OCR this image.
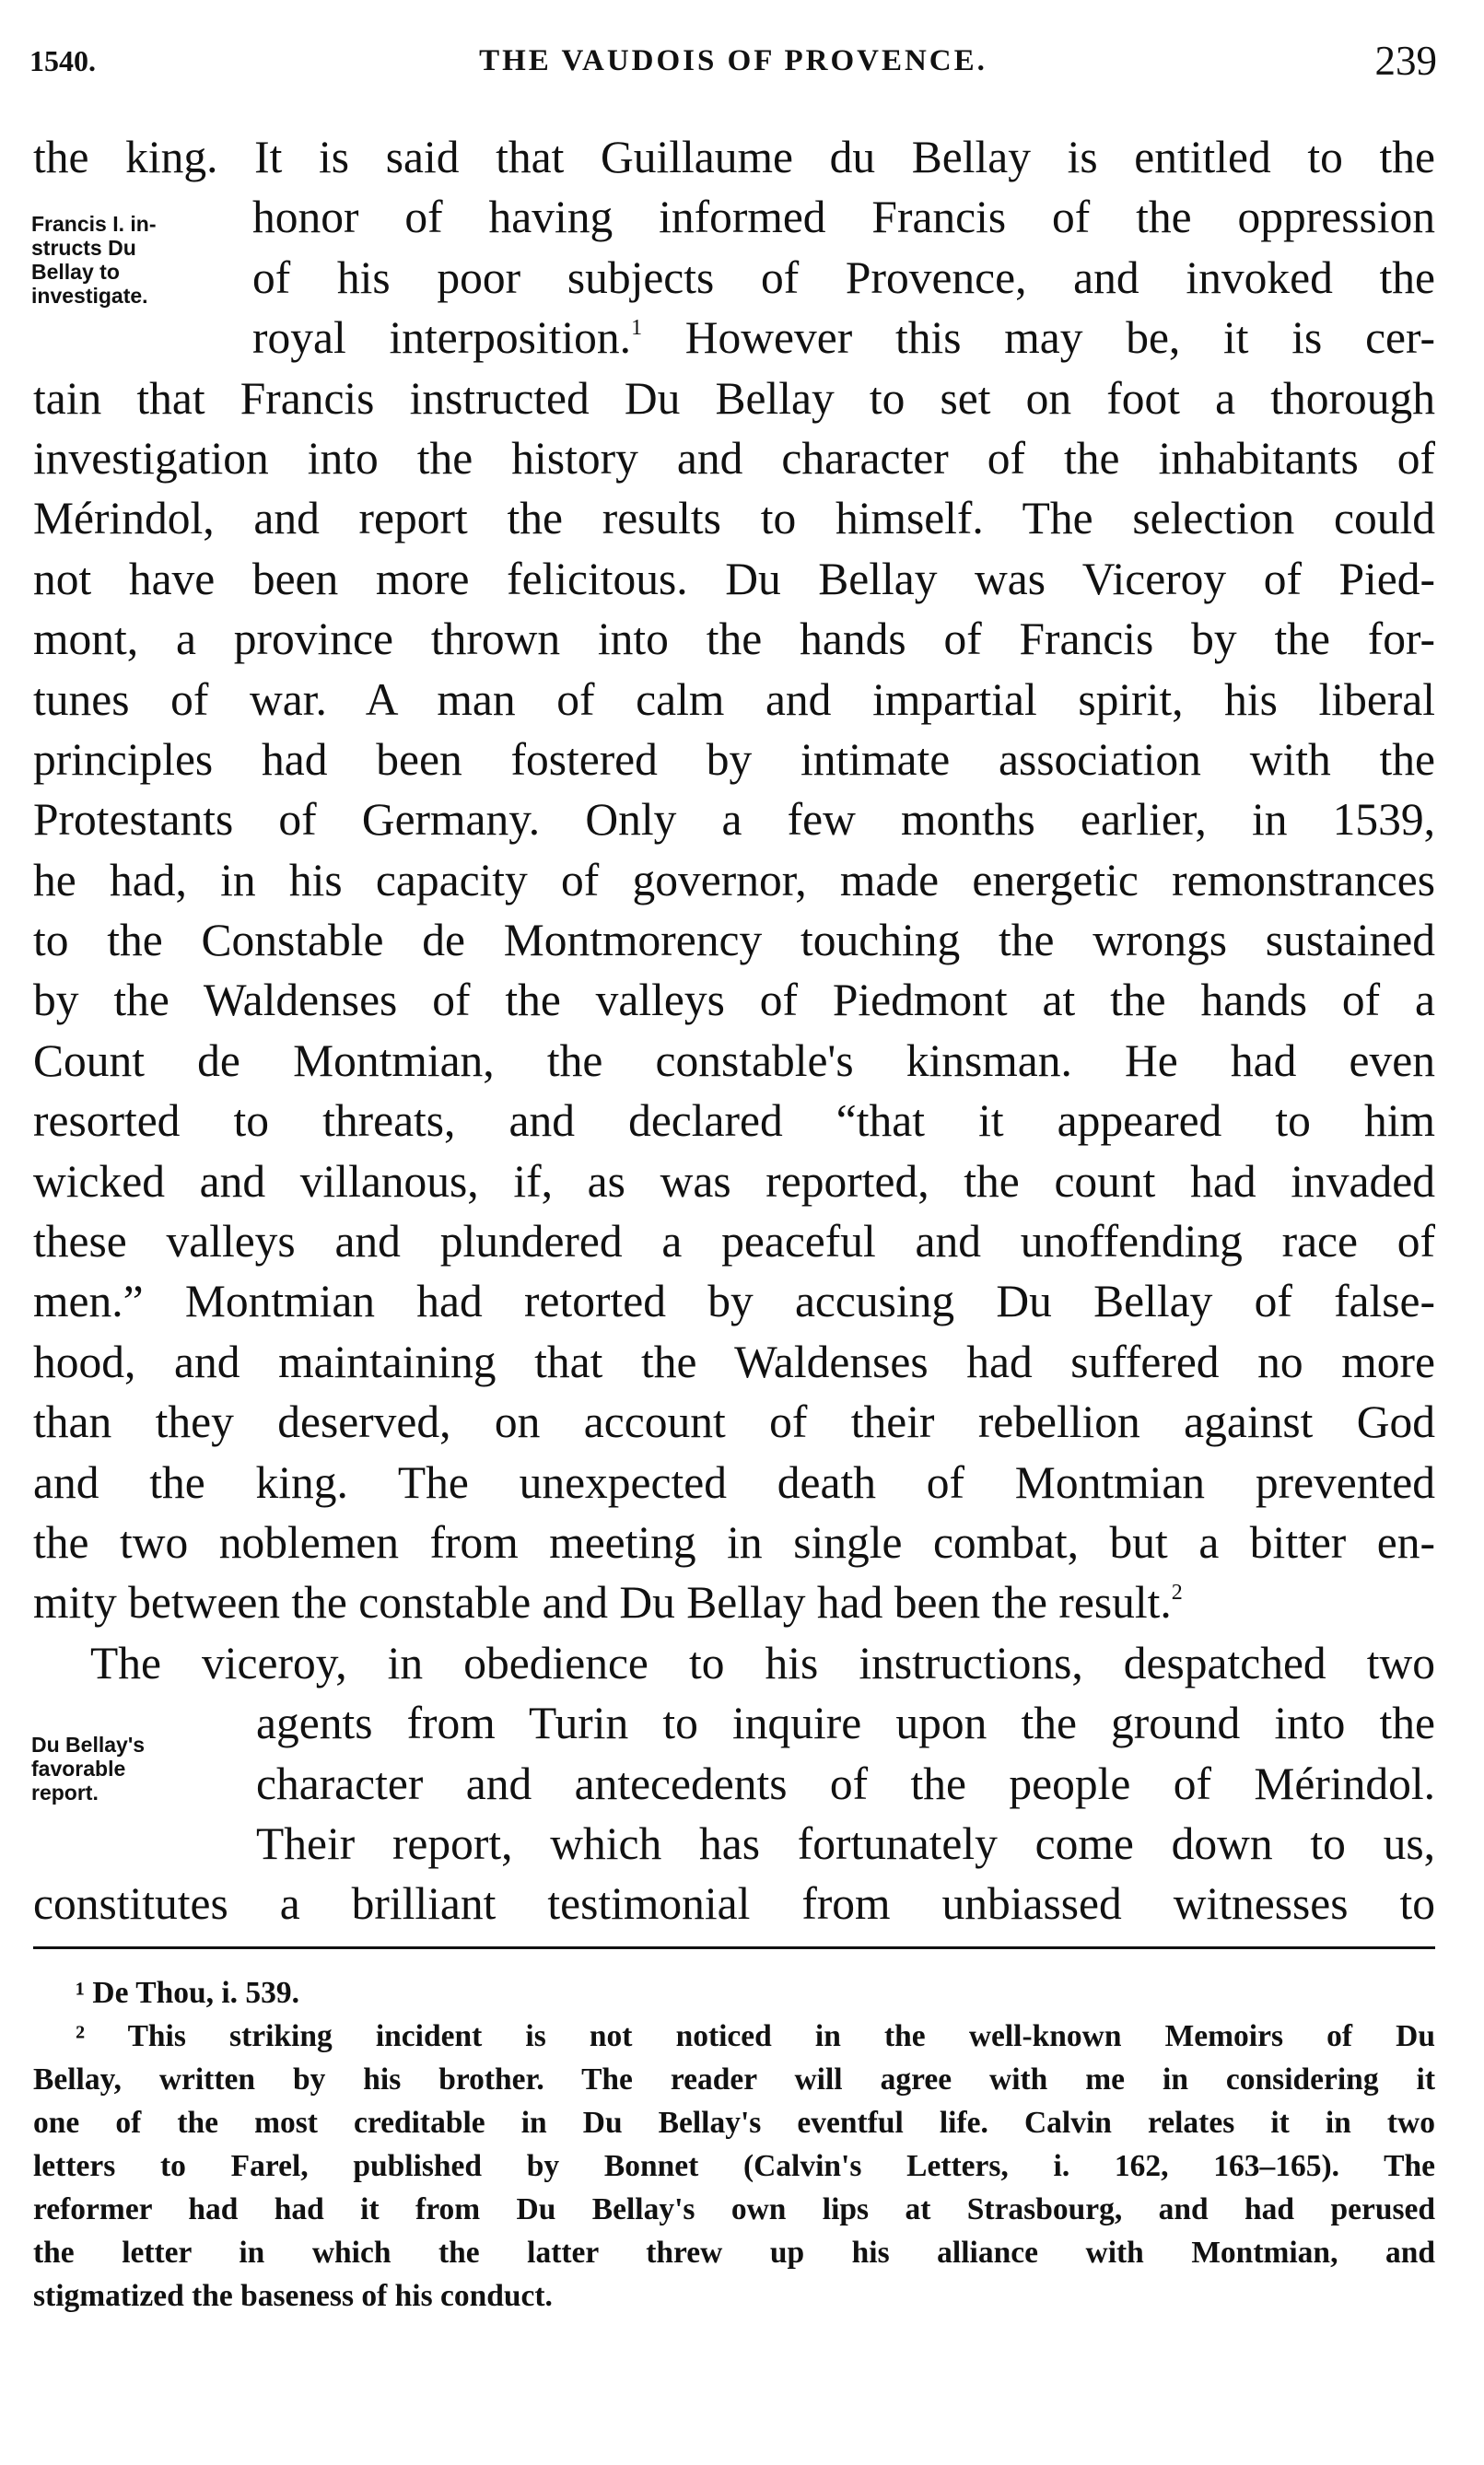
1540.	THE VAUDOIS OF PROVENCE.	239
Francis I. in-
structs Du
Bellay to
investigate.
Du Bellay's
favorable
report.
the king. It is said that Guillaume du Bellay is entitled to the
honor of having informed Francis of the oppression
of his poor subjects of Provence, and invoked the
royal interposition.$^1$ However this may be, it is cer-
tain that Francis instructed Du Bellay to set on foot a thorough
investigation into the history and character of the inhabitants of
Mérindol, and report the results to himself. The selection could
not have been more felicitous. Du Bellay was Viceroy of Pied-
mont, a province thrown into the hands of Francis by the for-
tunes of war. A man of calm and impartial spirit, his liberal
principles had been fostered by intimate association with the
Protestants of Germany. Only a few months earlier, in 1539,
he had, in his capacity of governor, made energetic remonstrances
to the Constable de Montmorency touching the wrongs sustained
by the Waldenses of the valleys of Piedmont at the hands of a
Count de Montmian, the constable's kinsman. He had even
resorted to threats, and declared “that it appeared to him
wicked and villanous, if, as was reported, the count had invaded
these valleys and plundered a peaceful and unoffending race of
men.” Montmian had retorted by accusing Du Bellay of false-
hood, and maintaining that the Waldenses had suffered no more
than they deserved, on account of their rebellion against God
and the king. The unexpected death of Montmian prevented
the two noblemen from meeting in single combat, but a bitter en-
mity between the constable and Du Bellay had been the result.$^2$
The viceroy, in obedience to his instructions, despatched two
agents from Turin to inquire upon the ground into the
character and antecedents of the people of Mérindol.
Their report, which has fortunately come down to us,
constitutes a brilliant testimonial from unbiassed witnesses to
¹ De Thou, i. 539.
² This striking incident is not noticed in the well-known Memoirs of Du
Bellay, written by his brother. The reader will agree with me in considering it
one of the most creditable in Du Bellay's eventful life. Calvin relates it in two
letters to Farel, published by Bonnet (Calvin's Letters, i. 162, 163–165). The
reformer had had it from Du Bellay's own lips at Strasbourg, and had perused
the letter in which the latter threw up his alliance with Montmian, and
stigmatized the baseness of his conduct.
